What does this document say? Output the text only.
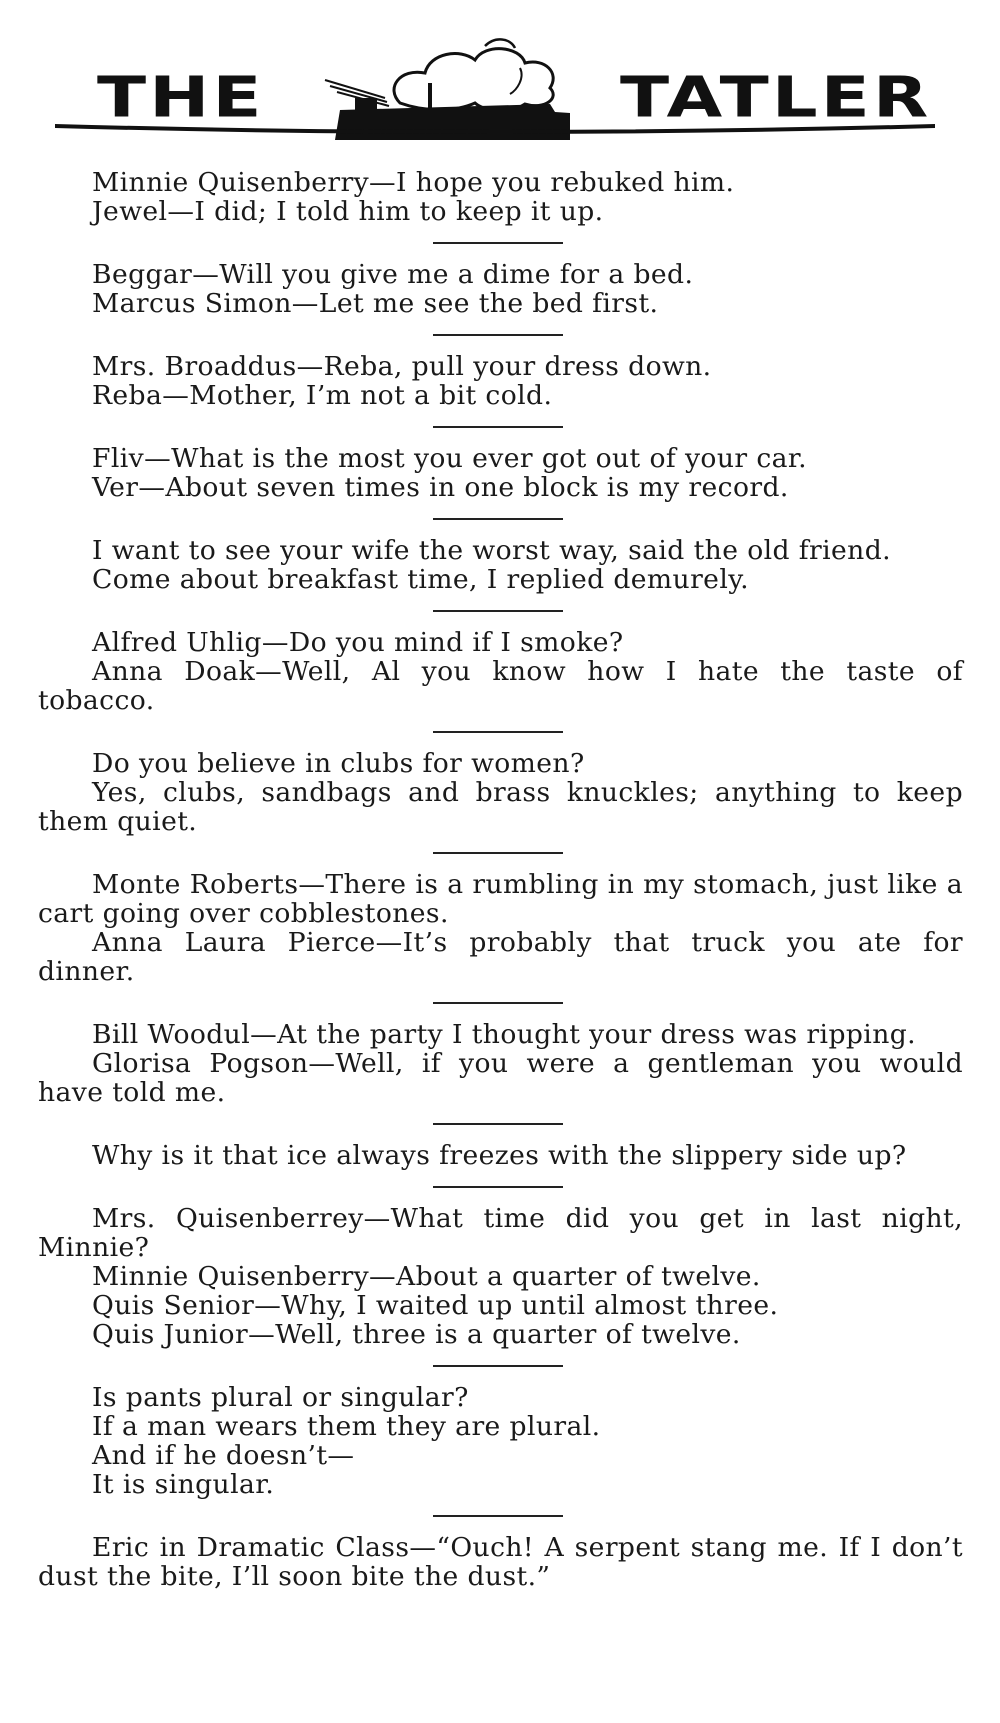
THE	TATLER

Minnie Quisenberry—I hope you rebuked him.

Jewel—I did; I told him to keep it up.

Beggar—Will you give me a dime for a bed.

Marcus Simon—Let me see the bed first.

Mrs. Broaddus—Reba, pull your dress down.

Reba—Mother, I’m not a bit cold.

Fliv—What is the most you ever got out of your car.

Ver—About seven times in one block is my record.

I want to see your wife the worst way, said the old friend.

Come about breakfast time, I replied demurely.

Alfred Uhlig—Do you mind if I smoke?

Anna Doak—Well, Al you know how I hate the taste of tobacco.

Do you believe in clubs for women?

Yes, clubs, sandbags and brass knuckles; anything to keep them quiet.

Monte Roberts—There is a rumbling in my stomach, just like a cart going over cobblestones.

Anna Laura Pierce—It’s probably that truck you ate for dinner.

Bill Woodul—At the party I thought your dress was ripping.

Glorisa Pogson—Well, if you were a gentleman you would have told me.

Why is it that ice always freezes with the slippery side up?

Mrs. Quisenberrey—What time did you get in last night, Minnie?

Minnie Quisenberry—About a quarter of twelve.

Quis Senior—Why, I waited up until almost three.

Quis Junior—Well, three is a quarter of twelve.

Is pants plural or singular?

If a man wears them they are plural.

And if he doesn’t—

It is singular.

Eric in Dramatic Class—“Ouch! A serpent stang me. If I don’t dust the bite, I’ll soon bite the dust.”
